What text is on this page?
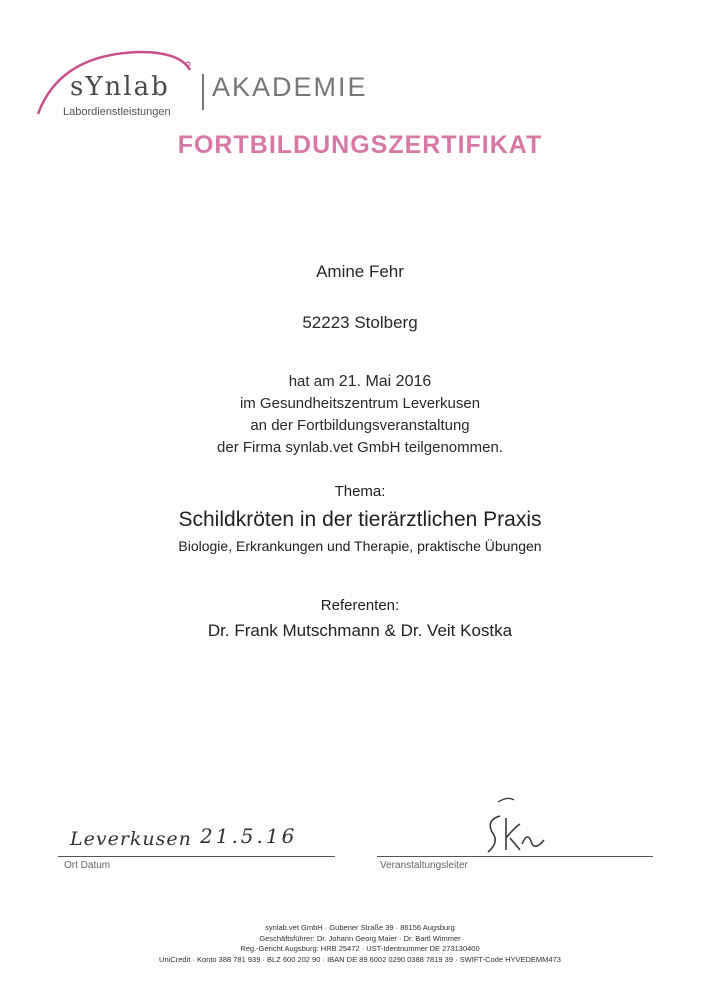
sYnlab
Labordienstleistungen
AKADEMIE
FORTBILDUNGSZERTIFIKAT
Amine Fehr
52223 Stolberg
hat am 21. Mai 2016
im Gesundheitszentrum Leverkusen
an der Fortbildungsveranstaltung
der Firma synlab.vet GmbH teilgenommen.
Thema:
Schildkröten in der tierärztlichen Praxis
Biologie, Erkrankungen und Therapie, praktische Übungen
Referenten:
Dr. Frank Mutschmann & Dr. Veit Kostka
Leverkusen 21.5.16
Ort Datum	Veranstaltungsleiter
synlab.vet GmbH · Gubener Straße 39 · 86156 Augsburg
Geschäftsführer: Dr. Johann Georg Maier · Dr. Bartl Wimmer
Reg.-Gericht Augsburg: HRB 25472 · UST-Identnummer DE 273130400
UniCredit · Konto 388 781 939 · BLZ 600 202 90 · IBAN DE 89 6002 0290 0388 7819 39 · SWIFT-Code HYVEDEMM473
